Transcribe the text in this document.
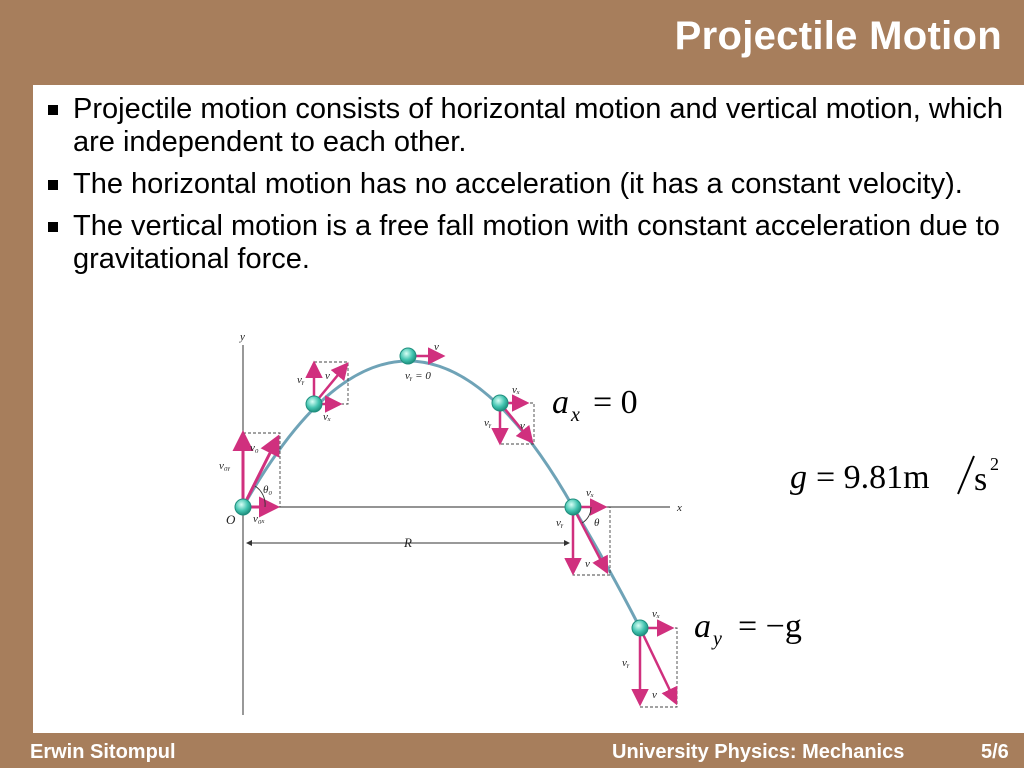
Projectile Motion
Projectile motion consists of horizontal motion and vertical motion, which are independent to each other.
The horizontal motion has no acceleration (it has a constant velocity).
The vertical motion is a free fall motion with constant acceleration due to gravitational force.
y
x
O
R
v₀
v₀ᵧ
v₀ₓ
θ₀
v
vᵧ
vₓ
v
vᵧ = 0
vₓ
vᵧ	v
vₓ
vᵧ	θ
v
vₓ
vᵧ
v
a x = 0
g = 9.81m s 2
a y = −g
Erwin Sitompul	University Physics: Mechanics	5/6
